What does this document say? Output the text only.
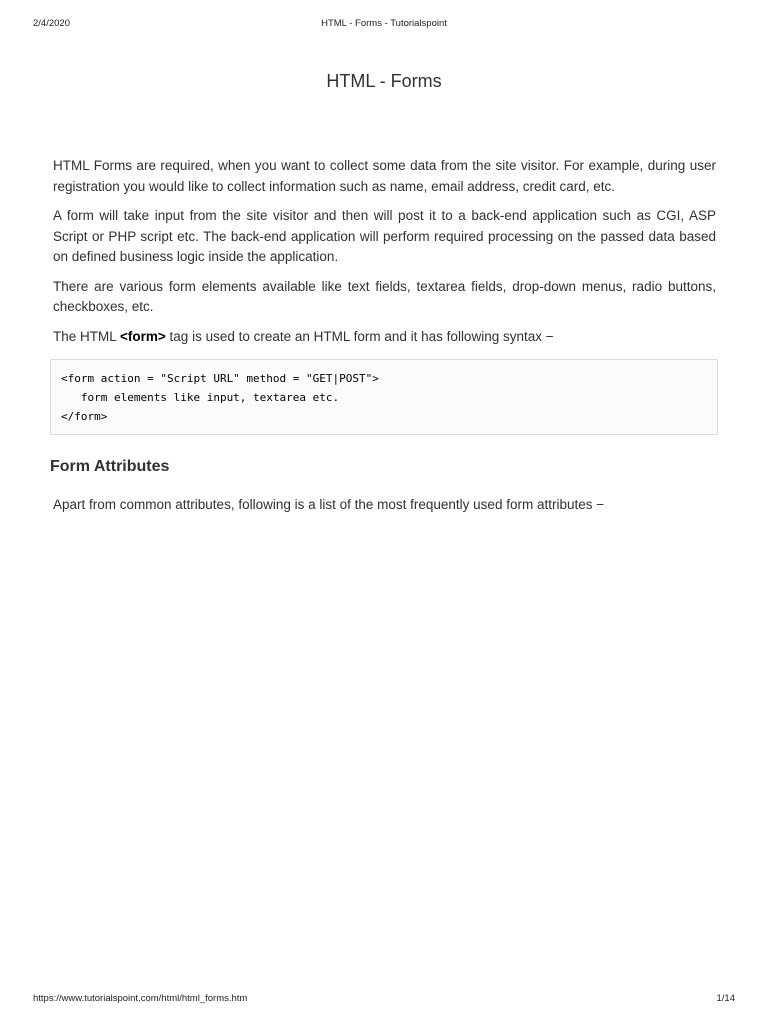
2/4/2020	HTML - Forms - Tutorialspoint
HTML - Forms

HTML Forms are required, when you want to collect some data from the site visitor. For example, during user registration you would like to collect information such as name, email address, credit card, etc.

A form will take input from the site visitor and then will post it to a back-end application such as CGI, ASP Script or PHP script etc. The back-end application will perform required processing on the passed data based on defined business logic inside the application.

There are various form elements available like text fields, textarea fields, drop-down menus, radio buttons, checkboxes, etc.

The HTML <form> tag is used to create an HTML form and it has following syntax −

<form action = "Script URL" method = "GET|POST">
form elements like input, textarea etc.
</form>
Form Attributes

Apart from common attributes, following is a list of the most frequently used form attributes −

https://www.tutorialspoint.com/html/html_forms.htm	1/14
